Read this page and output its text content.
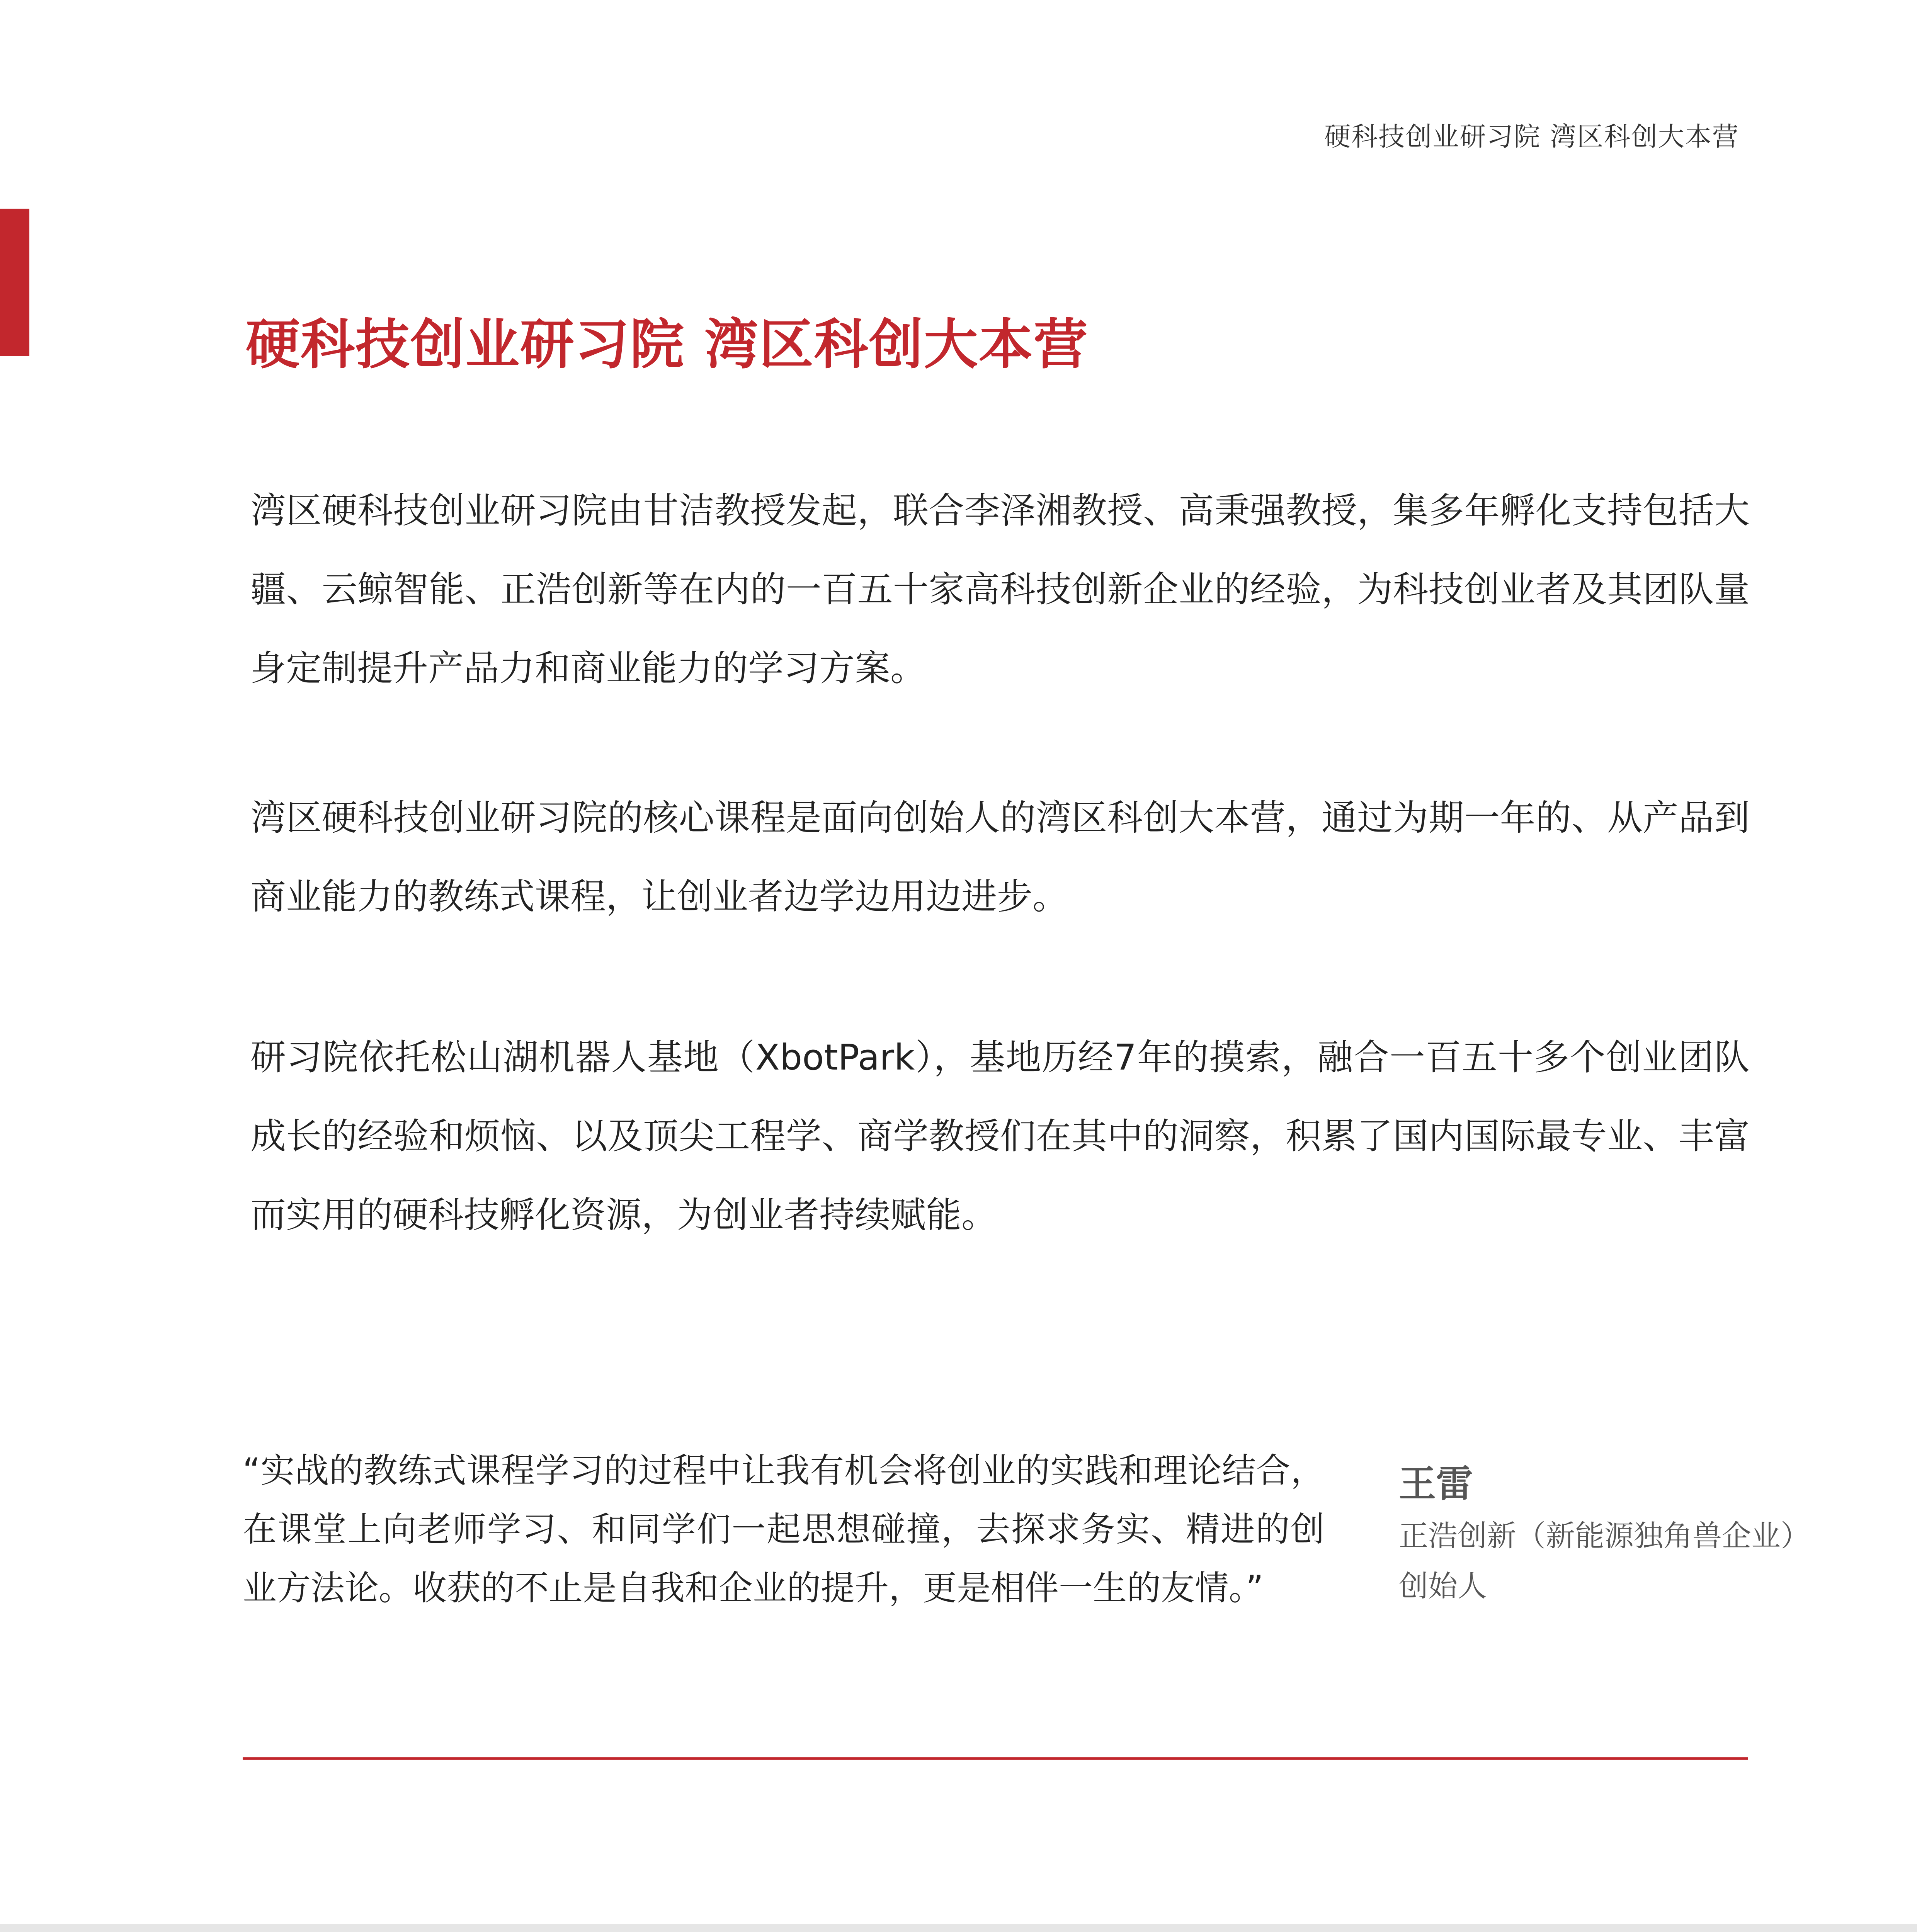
硬科技创业研习院 湾区科创大本营
硬科技创业研习院 湾区科创大本营

湾区硬科技创业研习院由甘洁教授发起，联合李泽湘教授、高秉强教授，集多年孵化支持包括大疆、云鲸智能、正浩创新等在内的一百五十家高科技创新企业的经验，为科技创业者及其团队量身定制提升产品力和商业能力的学习方案。

湾区硬科技创业研习院的核心课程是面向创始人的湾区科创大本营，通过为期一年的、从产品到商业能力的教练式课程，让创业者边学边用边进步。

研习院依托松山湖机器人基地（XbotPark），基地历经7年的摸索，融合一百五十多个创业团队成长的经验和烦恼、以及顶尖工程学、商学教授们在其中的洞察，积累了国内国际最专业、丰富而实用的硬科技孵化资源，为创业者持续赋能。

“实战的教练式课程学习的过程中让我有机会将创业的实践和理论结合，在课堂上向老师学习、和同学们一起思想碰撞，去探求务实、精进的创业方法论。收获的不止是自我和企业的提升，更是相伴一生的友情。”

王雷
正浩创新（新能源独角兽企业）
创始人
